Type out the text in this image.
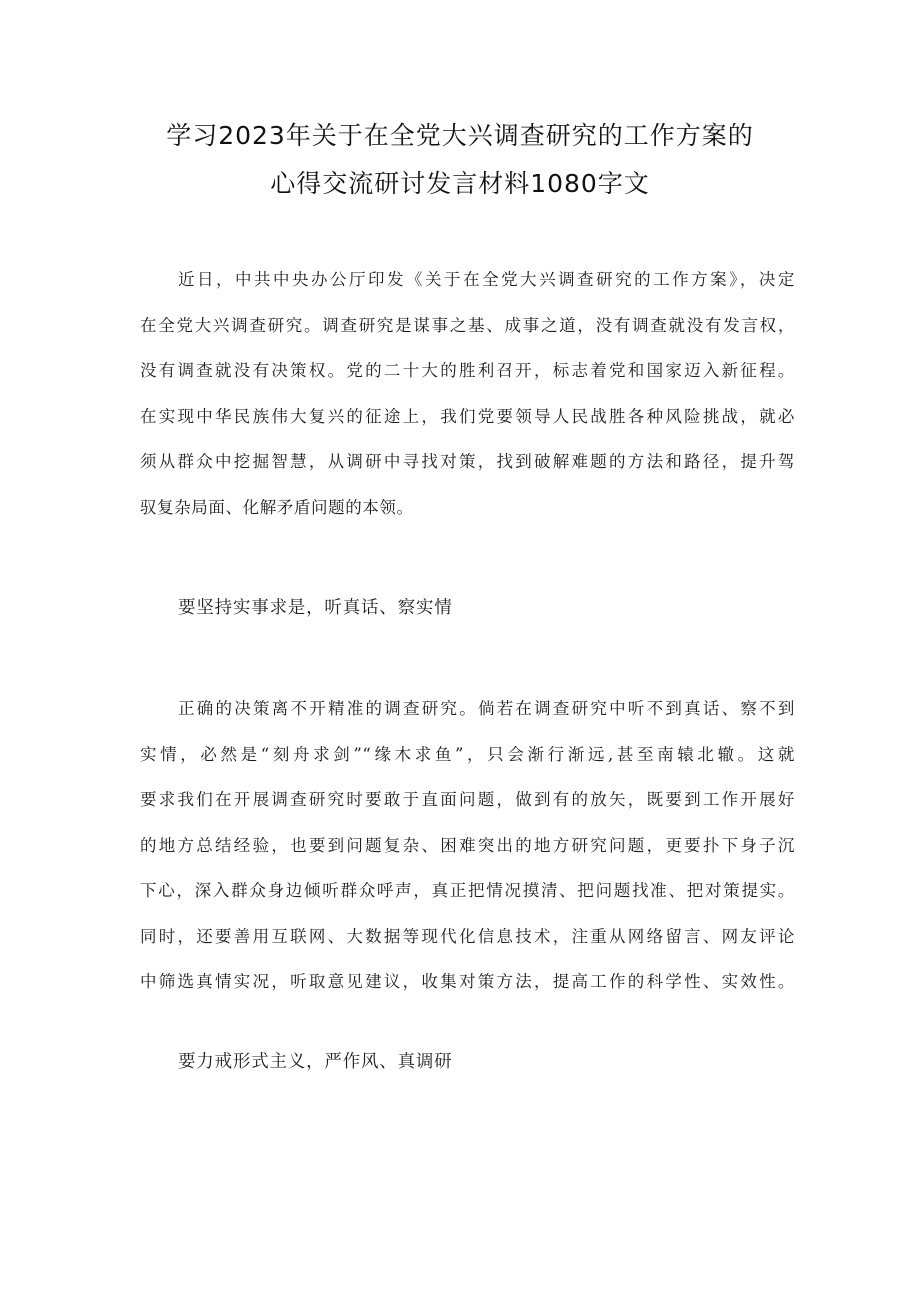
学习2023年关于在全党大兴调查研究的工作方案的
心得交流研讨发言材料1080字文
近日，中共中央办公厅印发《关于在全党大兴调查研究的工作方案》，决定
在全党大兴调查研究。调查研究是谋事之基、成事之道，没有调查就没有发言权，
没有调查就没有决策权。党的二十大的胜利召开，标志着党和国家迈入新征程。
在实现中华民族伟大复兴的征途上，我们党要领导人民战胜各种风险挑战，就必
须从群众中挖掘智慧，从调研中寻找对策，找到破解难题的方法和路径，提升驾
驭复杂局面、化解矛盾问题的本领。
要坚持实事求是，听真话、察实情
正确的决策离不开精准的调查研究。倘若在调查研究中听不到真话、察不到
实情，必然是“刻舟求剑”“缘木求鱼”，只会渐行渐远,甚至南辕北辙。这就
要求我们在开展调查研究时要敢于直面问题，做到有的放矢，既要到工作开展好
的地方总结经验，也要到问题复杂、困难突出的地方研究问题，更要扑下身子沉
下心，深入群众身边倾听群众呼声，真正把情况摸清、把问题找准、把对策提实。
同时，还要善用互联网、大数据等现代化信息技术，注重从网络留言、网友评论
中筛选真情实况，听取意见建议，收集对策方法，提高工作的科学性、实效性。
要力戒形式主义，严作风、真调研
